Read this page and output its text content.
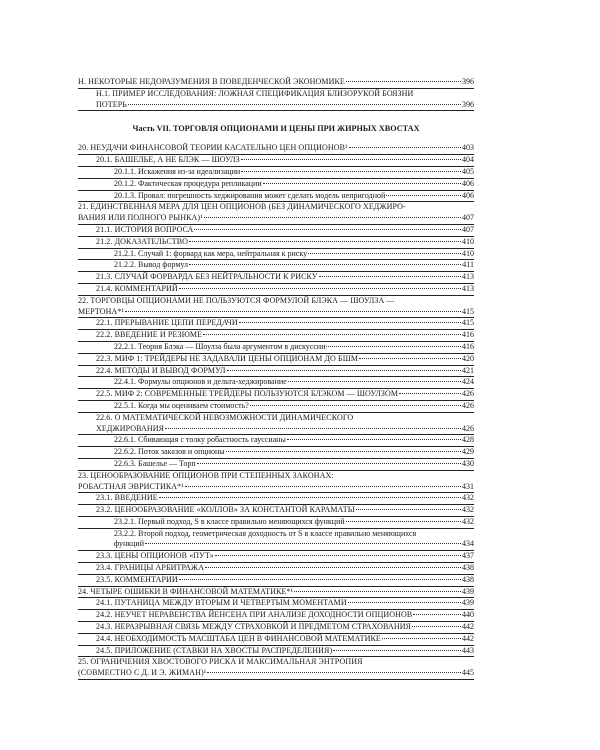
Н. НЕКОТОРЫЕ НЕДОРАЗУМЕНИЯ В ПОВЕДЕНЧЕСКОЙ ЭКОНОМИКЕ	396
Н.1. ПРИМЕР ИССЛЕДОВАНИЯ: ЛОЖНАЯ СПЕЦИФИКАЦИЯ БЛИЗОРУКОЙ БОЯЗНИ
ПОТЕРЬ	396
Часть VII. ТОРГОВЛЯ ОПЦИОНАМИ И ЦЕНЫ ПРИ ЖИРНЫХ ХВОСТАХ
20. НЕУДАЧИ ФИНАНСОВОЙ ТЕОРИИ КАСАТЕЛЬНО ЦЕН ОПЦИОНОВ¹	403
20.1. БАШЕЛЬЕ, А НЕ БЛЭК — ШОУЛЗ	404
20.1.1. Искажения из-за идеализации	405
20.1.2. Фактическая процедура репликации	406
20.1.3. Провал: погрешность хеджирования может сделать модель непригодной	406
21. ЕДИНСТВЕННАЯ МЕРА ДЛЯ ЦЕН ОПЦИОНОВ (БЕЗ ДИНАМИЧЕСКОГО ХЕДЖИРО-
ВАНИЯ ИЛИ ПОЛНОГО РЫНКА)¹	407
21.1. ИСТОРИЯ ВОПРОСА	407
21.2. ДОКАЗАТЕЛЬСТВО	410
21.2.1. Случай 1: форвард как мера, нейтральная к риску	410
21.2.2. Вывод формул	411
21.3. СЛУЧАЙ ФОРВАРДА БЕЗ НЕЙТРАЛЬНОСТИ К РИСКУ	413
21.4. КОММЕНТАРИЙ	413
22. ТОРГОВЦЫ ОПЦИОНАМИ НЕ ПОЛЬЗУЮТСЯ ФОРМУЛОЙ БЛЭКА — ШОУЛЗА —
МЕРТОНА*¹	415
22.1. ПРЕРЫВАНИЕ ЦЕПИ ПЕРЕДАЧИ	415
22.2. ВВЕДЕНИЕ И РЕЗЮМЕ	416
22.2.1. Теория Блэка — Шоулза была аргументом в дискуссии	416
22.3. МИФ 1: ТРЕЙДЕРЫ НЕ ЗАДАВАЛИ ЦЕНЫ ОПЦИОНАМ ДО БШМ	420
22.4. МЕТОДЫ И ВЫВОД ФОРМУЛ	421
22.4.1. Формулы опционов и дельта-хеджирование	424
22.5. МИФ 2: СОВРЕМЕННЫЕ ТРЕЙДЕРЫ ПОЛЬЗУЮТСЯ БЛЭКОМ — ШОУЛЗОМ	426
22.5.1. Когда мы оцениваем стоимость?	426
22.6. О МАТЕМАТИЧЕСКОЙ НЕВОЗМОЖНОСТИ ДИНАМИЧЕСКОГО
ХЕДЖИРОВАНИЯ	426
22.6.1. Сбивающая с толку робастность гауссианы	428
22.6.2. Поток заказов и опционы	429
22.6.3. Башелье — Торп	430
23. ЦЕНООБРАЗОВАНИЕ ОПЦИОНОВ ПРИ СТЕПЕННЫХ ЗАКОНАХ:
РОБАСТНАЯ ЭВРИСТИКА*¹	431
23.1. ВВЕДЕНИЕ	432
23.2. ЦЕНООБРАЗОВАНИЕ «КОЛЛОВ» ЗА КОНСТАНТОЙ КАРАМАТЫ	432
23.2.1. Первый подход, S в классе правильно меняющихся функций	432
23.2.2. Второй подход, геометрическая доходность от S в классе правильно меняющихся
функций	434
23.3. ЦЕНЫ ОПЦИОНОВ «ПУТ»	437
23.4. ГРАНИЦЫ АРБИТРАЖА	438
23.5. КОММЕНТАРИИ	438
24. ЧЕТЫРЕ ОШИБКИ В ФИНАНСОВОЙ МАТЕМАТИКЕ*¹	439
24.1. ПУТАНИЦА МЕЖДУ ВТОРЫМ И ЧЕТВЕРТЫМ МОМЕНТАМИ	439
24.2. НЕУЧЕТ НЕРАВЕНСТВА ЙЕНСЕНА ПРИ АНАЛИЗЕ ДОХОДНОСТИ ОПЦИОНОВ	440
24.3. НЕРАЗРЫВНАЯ СВЯЗЬ МЕЖДУ СТРАХОВКОЙ И ПРЕДМЕТОМ СТРАХОВАНИЯ	442
24.4. НЕОБХОДИМОСТЬ МАСШТАБА ЦЕН В ФИНАНСОВОЙ МАТЕМАТИКЕ	442
24.5. ПРИЛОЖЕНИЕ (СТАВКИ НА ХВОСТЫ РАСПРЕДЕЛЕНИЯ)	443
25. ОГРАНИЧЕНИЯ ХВОСТОВОГО РИСКА И МАКСИМАЛЬНАЯ ЭНТРОПИЯ
(СОВМЕСТНО С Д. И Э. ЖИМАН)¹	445
